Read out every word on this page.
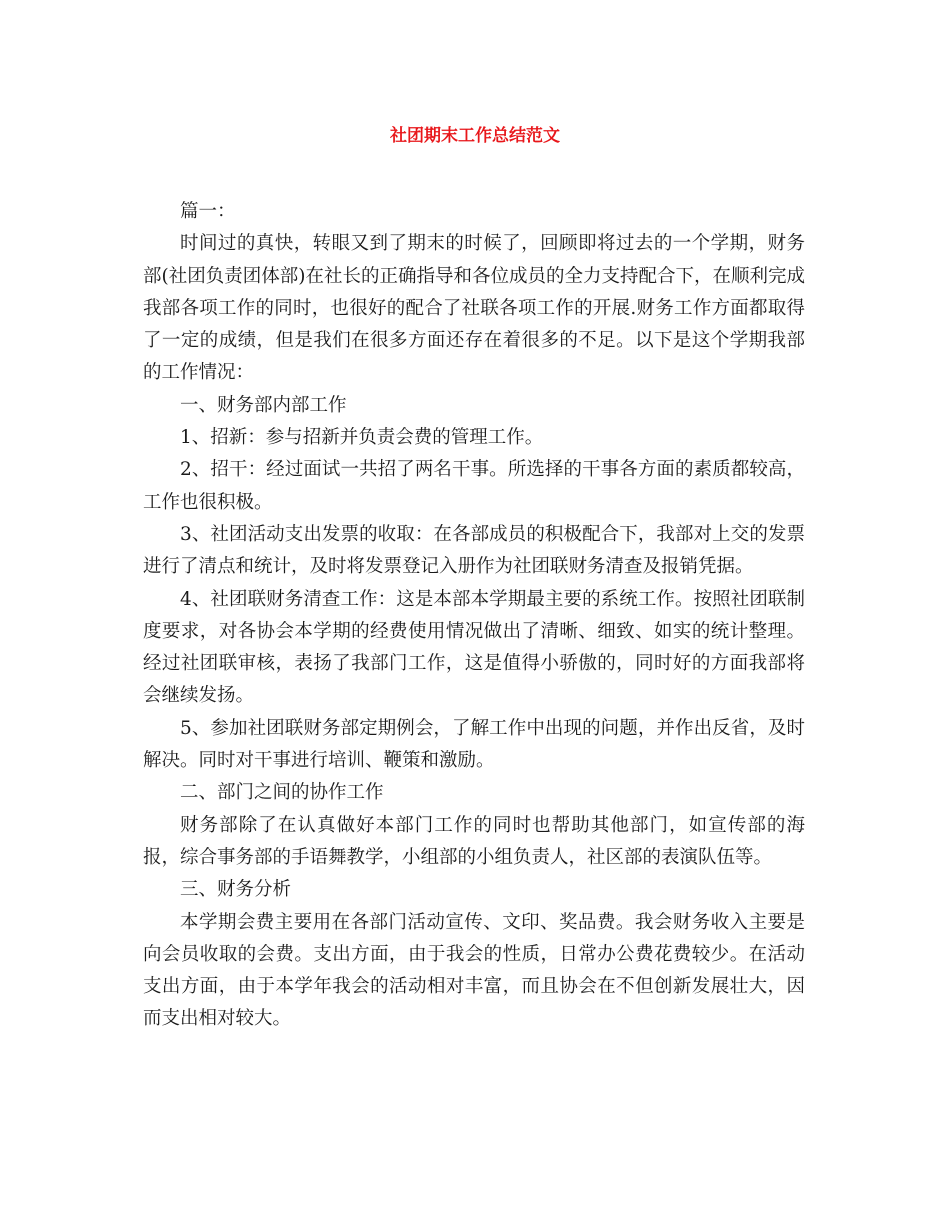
社团期末工作总结范文

篇一：

时间过的真快，转眼又到了期末的时候了，回顾即将过去的一个学期，财务部(社团负责团体部)在社长的正确指导和各位成员的全力支持配合下，在顺利完成我部各项工作的同时，也很好的配合了社联各项工作的开展.财务工作方面都取得了一定的成绩，但是我们在很多方面还存在着很多的不足。以下是这个学期我部的工作情况：

一、财务部内部工作

1、招新：参与招新并负责会费的管理工作。

2、招干：经过面试一共招了两名干事。所选择的干事各方面的素质都较高，工作也很积极。

3、社团活动支出发票的收取：在各部成员的积极配合下，我部对上交的发票进行了清点和统计，及时将发票登记入册作为社团联财务清查及报销凭据。

4、社团联财务清查工作：这是本部本学期最主要的系统工作。按照社团联制度要求，对各协会本学期的经费使用情况做出了清晰、细致、如实的统计整理。经过社团联审核，表扬了我部门工作，这是值得小骄傲的，同时好的方面我部将会继续发扬。

5、参加社团联财务部定期例会，了解工作中出现的问题，并作出反省，及时解决。同时对干事进行培训、鞭策和激励。

二、部门之间的协作工作

财务部除了在认真做好本部门工作的同时也帮助其他部门，如宣传部的海报，综合事务部的手语舞教学，小组部的小组负责人，社区部的表演队伍等。

三、财务分析

本学期会费主要用在各部门活动宣传、文印、奖品费。我会财务收入主要是向会员收取的会费。支出方面，由于我会的性质，日常办公费花费较少。在活动支出方面，由于本学年我会的活动相对丰富，而且协会在不但创新发展壮大，因而支出相对较大。
